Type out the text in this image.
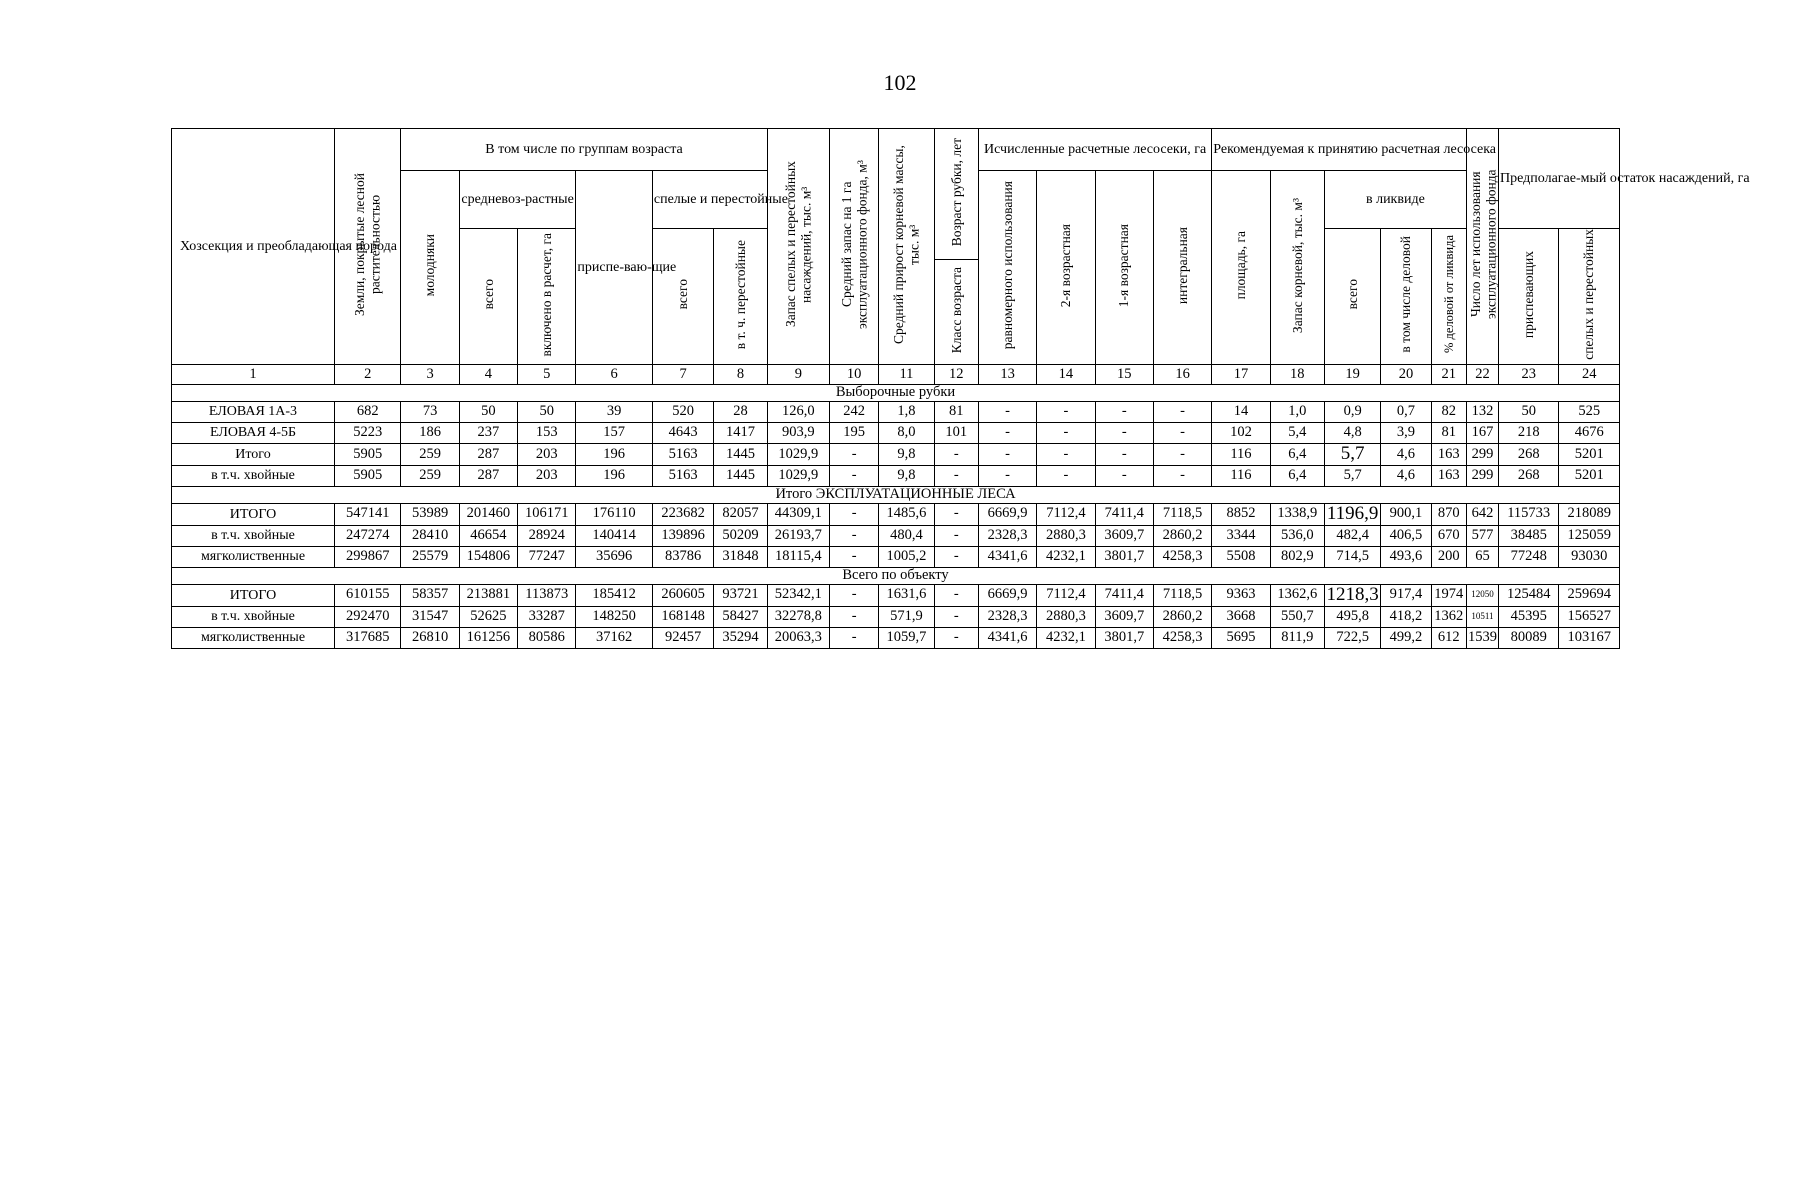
102
Хозсекция и преобладающая порода	Земли, покрытые лесной растительностью	В том числе по группам возраста						Запас спелых и перестойных насаждений, тыс. м³	Средний запас на 1 га эксплуатационного фонда, м³	Средний прирост корневой массы, тыс. м³	Возраст рубки, лет	Исчисленные расчетные лесосеки, га				Рекомендуемая к принятию расчетная лесосека					Число лет использования эксплуатационного фонда	Предполагае-мый остаток насаждений, га	
		молодняки	средневоз-растные		приспе-ваю-щие	спелые и перестойные						равномерного использования	2-я возрастная	1-я возрастная	интегральная	площадь, га	Запас корневой, тыс. м³	в ликвиде					
			всего	включено в расчет, га		всего	в т. ч. перестойные											всего	в том числе деловой	% деловой от ликвида		приспевающих	спелых и перестойных
											Класс возраста												
1	2	3	4	5	6	7	8	9	10	11	12	13	14	15	16	17	18	19	20	21	22	23	24
Выборочные рубки																							
ЕЛОВАЯ 1А-3	682	73	50	50	39	520	28	126,0	242	1,8	81	-	-	-	-	14	1,0	0,9	0,7	82	132	50	525
ЕЛОВАЯ 4-5Б	5223	186	237	153	157	4643	1417	903,9	195	8,0	101	-	-	-	-	102	5,4	4,8	3,9	81	167	218	4676
Итого	5905	259	287	203	196	5163	1445	1029,9	-	9,8	-	-	-	-	-	116	6,4	5,7	4,6	163	299	268	5201
в т.ч. хвойные	5905	259	287	203	196	5163	1445	1029,9	-	9,8	-	-	-	-	-	116	6,4	5,7	4,6	163	299	268	5201
Итого ЭКСПЛУАТАЦИОННЫЕ ЛЕСА																							
ИТОГО	547141	53989	201460	106171	176110	223682	82057	44309,1	-	1485,6	-	6669,9	7112,4	7411,4	7118,5	8852	1338,9	1196,9	900,1	870	642	115733	218089
в т.ч. хвойные	247274	28410	46654	28924	140414	139896	50209	26193,7	-	480,4	-	2328,3	2880,3	3609,7	2860,2	3344	536,0	482,4	406,5	670	577	38485	125059
мягколиственные	299867	25579	154806	77247	35696	83786	31848	18115,4	-	1005,2	-	4341,6	4232,1	3801,7	4258,3	5508	802,9	714,5	493,6	200	65	77248	93030
Всего по объекту																							
ИТОГО	610155	58357	213881	113873	185412	260605	93721	52342,1	-	1631,6	-	6669,9	7112,4	7411,4	7118,5	9363	1362,6	1218,3	917,4	1974	12050	125484	259694
в т.ч. хвойные	292470	31547	52625	33287	148250	168148	58427	32278,8	-	571,9	-	2328,3	2880,3	3609,7	2860,2	3668	550,7	495,8	418,2	1362	10511	45395	156527
мягколиственные	317685	26810	161256	80586	37162	92457	35294	20063,3	-	1059,7	-	4341,6	4232,1	3801,7	4258,3	5695	811,9	722,5	499,2	612	1539	80089	103167
